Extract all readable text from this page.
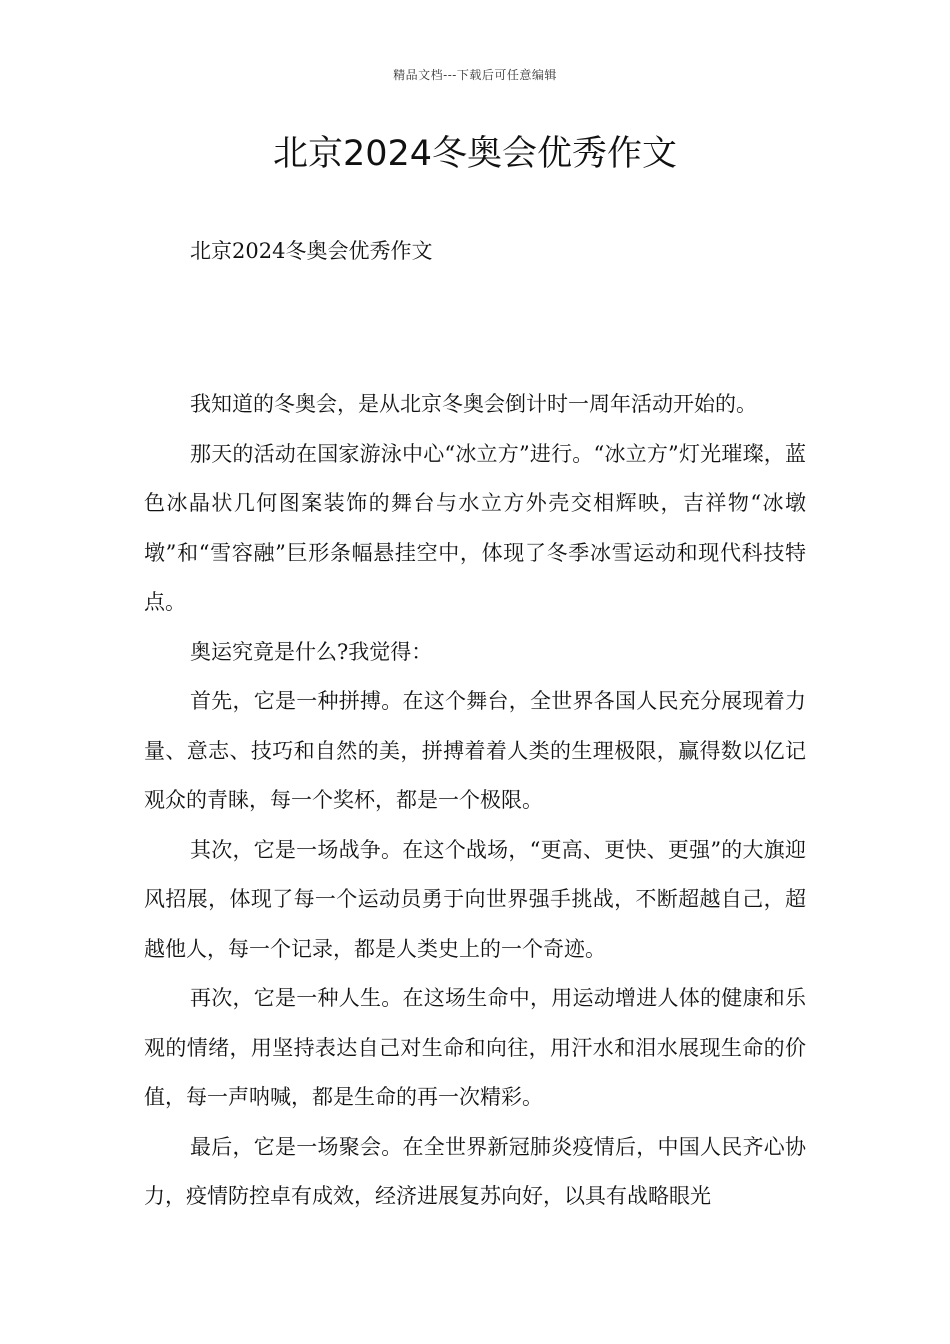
精品文档---下载后可任意编辑
北京2024冬奥会优秀作文
北京2024冬奥会优秀作文

我知道的冬奥会，是从北京冬奥会倒计时一周年活动开始的。

那天的活动在国家游泳中心“冰立方”进行。“冰立方”灯光璀璨，蓝色冰晶状几何图案装饰的舞台与水立方外壳交相辉映，吉祥物“冰墩墩”和“雪容融”巨形条幅悬挂空中，体现了冬季冰雪运动和现代科技特点。

奥运究竟是什么?我觉得：

首先，它是一种拼搏。在这个舞台，全世界各国人民充分展现着力量、意志、技巧和自然的美，拼搏着着人类的生理极限，赢得数以亿记观众的青睐，每一个奖杯，都是一个极限。

其次，它是一场战争。在这个战场，“更高、更快、更强”的大旗迎风招展，体现了每一个运动员勇于向世界强手挑战，不断超越自己，超越他人，每一个记录，都是人类史上的一个奇迹。

再次，它是一种人生。在这场生命中，用运动增进人体的健康和乐观的情绪，用坚持表达自己对生命和向往，用汗水和泪水展现生命的价值，每一声呐喊，都是生命的再一次精彩。

最后，它是一场聚会。在全世界新冠肺炎疫情后，中国人民齐心协力，疫情防控卓有成效，经济进展复苏向好，以具有战略眼光
